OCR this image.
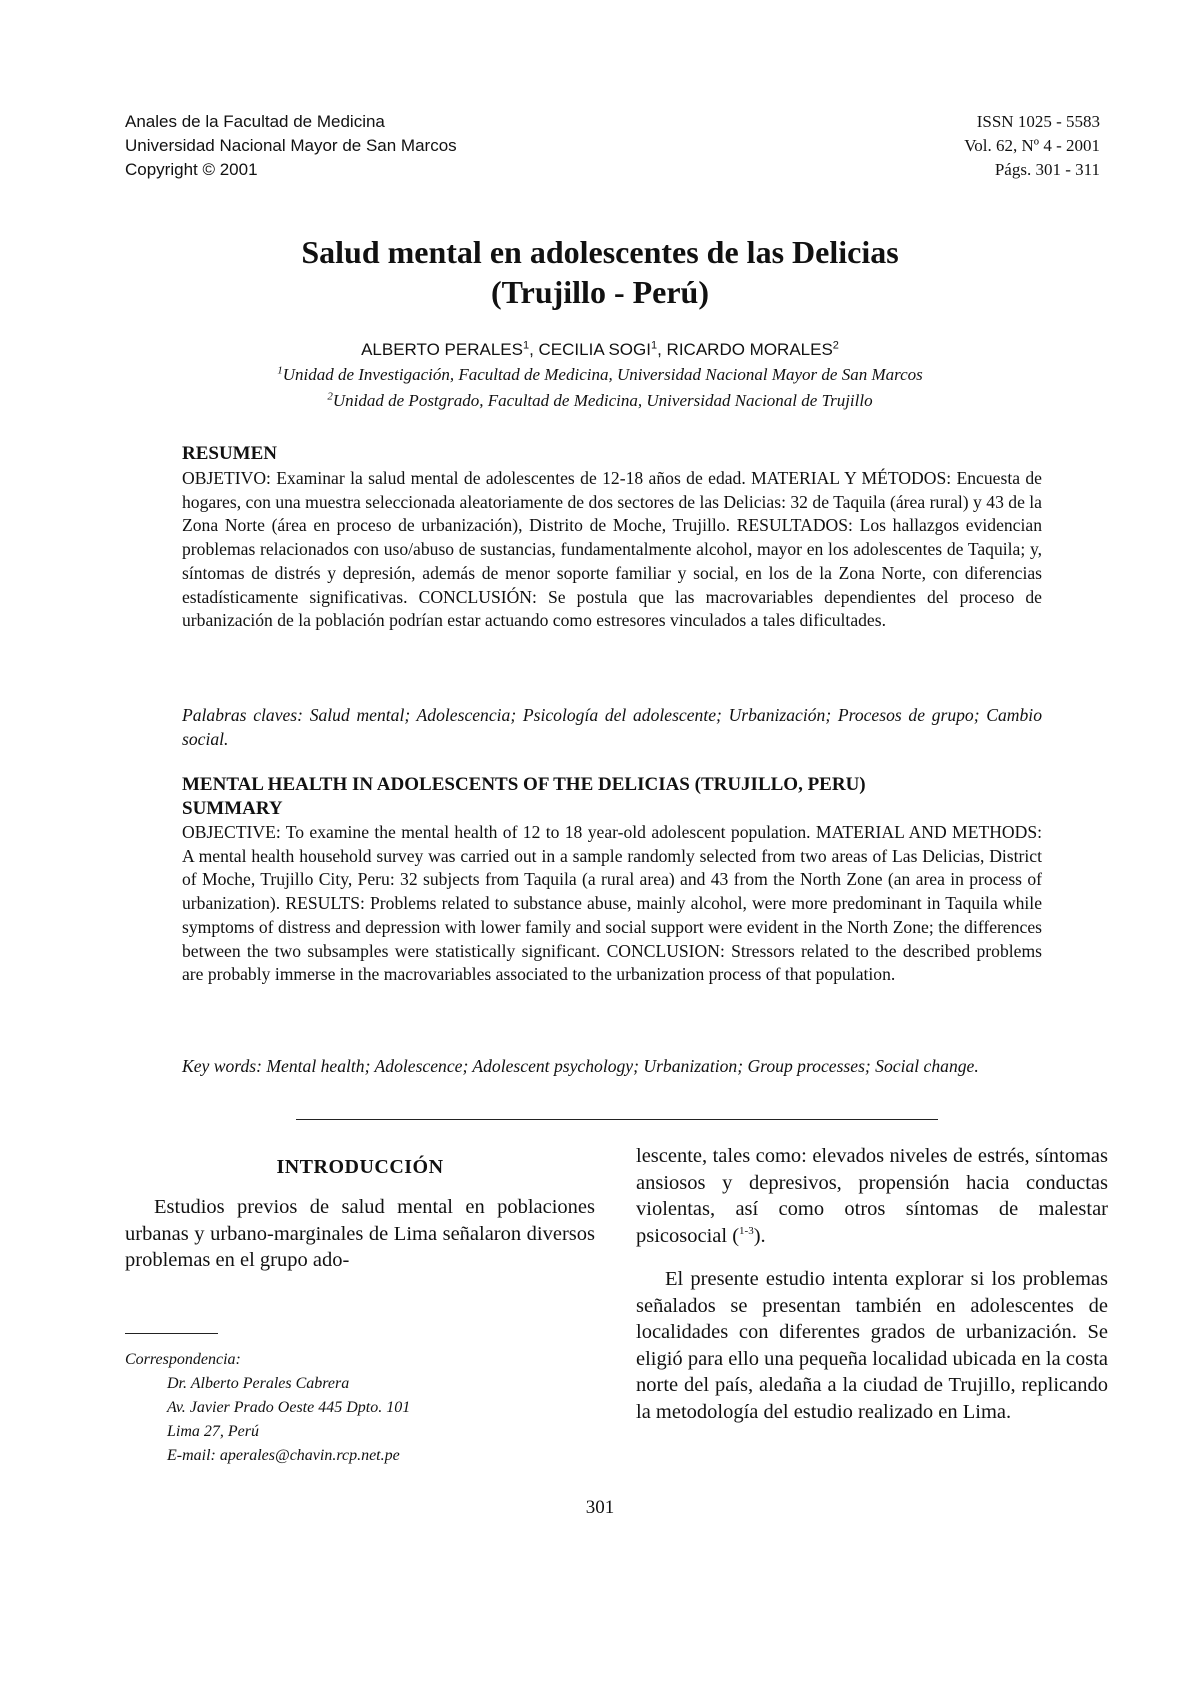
Anales de la Facultad de Medicina
Universidad Nacional Mayor de San Marcos
Copyright © 2001
ISSN 1025 - 5583
Vol. 62, Nº 4 - 2001
Págs. 301 - 311
Salud mental en adolescentes de las Delicias
(Trujillo - Perú)
ALBERTO PERALES$^1$, CECILIA SOGI$^1$, RICARDO MORALES$^2$
$^1$Unidad de Investigación, Facultad de Medicina, Universidad Nacional Mayor de San Marcos
$^2$Unidad de Postgrado, Facultad de Medicina, Universidad Nacional de Trujillo
RESUMEN
OBJETIVO: Examinar la salud mental de adolescentes de 12-18 años de edad. MATERIAL Y MÉTODOS: Encuesta de hogares, con una muestra seleccionada aleatoriamente de dos sectores de las Delicias: 32 de Taquila (área rural) y 43 de la Zona Norte (área en proceso de urbanización), Distrito de Moche, Trujillo. RESULTADOS: Los hallazgos evidencian problemas relacionados con uso/abuso de sustancias, fundamentalmente alcohol, mayor en los adolescentes de Taquila; y, síntomas de distrés y depresión, además de menor soporte familiar y social, en los de la Zona Norte, con diferencias estadísticamente significativas. CONCLUSIÓN: Se postula que las macrovariables dependientes del proceso de urbanización de la población podrían estar actuando como estresores vinculados a tales dificultades.
Palabras claves: Salud mental; Adolescencia; Psicología del adolescente; Urbanización; Procesos de grupo; Cambio social.
MENTAL HEALTH IN ADOLESCENTS OF THE DELICIAS (TRUJILLO, PERU)
SUMMARY
OBJECTIVE: To examine the mental health of 12 to 18 year-old adolescent population. MATERIAL AND METHODS: A mental health household survey was carried out in a sample randomly selected from two areas of Las Delicias, District of Moche, Trujillo City, Peru: 32 subjects from Taquila (a rural area) and 43 from the North Zone (an area in process of urbanization). RESULTS: Problems related to substance abuse, mainly alcohol, were more predominant in Taquila while symptoms of distress and depression with lower family and social support were evident in the North Zone; the differences between the two subsamples were statistically significant. CONCLUSION: Stressors related to the described problems are probably immerse in the macrovariables associated to the urbanization process of that population.
Key words: Mental health; Adolescence; Adolescent psychology; Urbanization; Group processes; Social change.
INTRODUCCIÓN
Estudios previos de salud mental en poblaciones urbanas y urbano-marginales de Lima señalaron diversos problemas en el grupo ado-
Correspondencia:
Dr. Alberto Perales Cabrera
Av. Javier Prado Oeste 445 Dpto. 101
Lima 27, Perú
E-mail: aperales@chavin.rcp.net.pe
lescente, tales como: elevados niveles de estrés, síntomas ansiosos y depresivos, propensión hacia conductas violentas, así como otros síntomas de malestar psicosocial ($^{1-3}$).
El presente estudio intenta explorar si los problemas señalados se presentan también en adolescentes de localidades con diferentes grados de urbanización. Se eligió para ello una pequeña localidad ubicada en la costa norte del país, aledaña a la ciudad de Trujillo, replicando la metodología del estudio realizado en Lima.
301
